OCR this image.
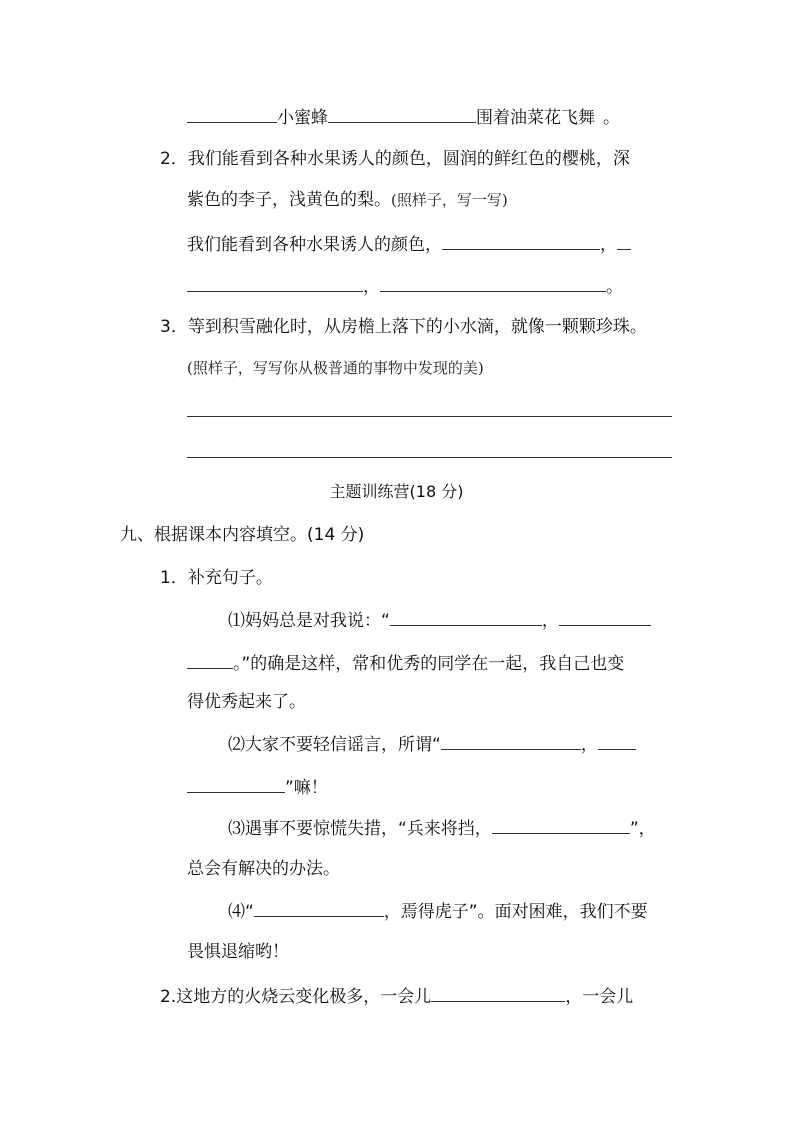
小蜜蜂	围着油菜花飞舞 。
2．我们能看到各种水果诱人的颜色，圆润的鲜红色的樱桃，深
紫色的李子，浅黄色的梨。(照样子，写一写)
我们能看到各种水果诱人的颜色，	，
，	。
3．等到积雪融化时，从房檐上落下的小水滴，就像一颗颗珍珠。
(照样子，写写你从极普通的事物中发现的美)
主题训练营(18 分)
九、根据课本内容填空。(14 分)
1．补充句子。
⑴妈妈总是对我说：“	，
。”的确是这样，常和优秀的同学在一起，我自己也变
得优秀起来了。
⑵大家不要轻信谣言，所谓“	，
”嘛！
⑶遇事不要惊慌失措，“兵来将挡，	”，
总会有解决的办法。
⑷“	，焉得虎子”。面对困难，我们不要
畏惧退缩哟！
2.这地方的火烧云变化极多，一会儿	，一会儿
